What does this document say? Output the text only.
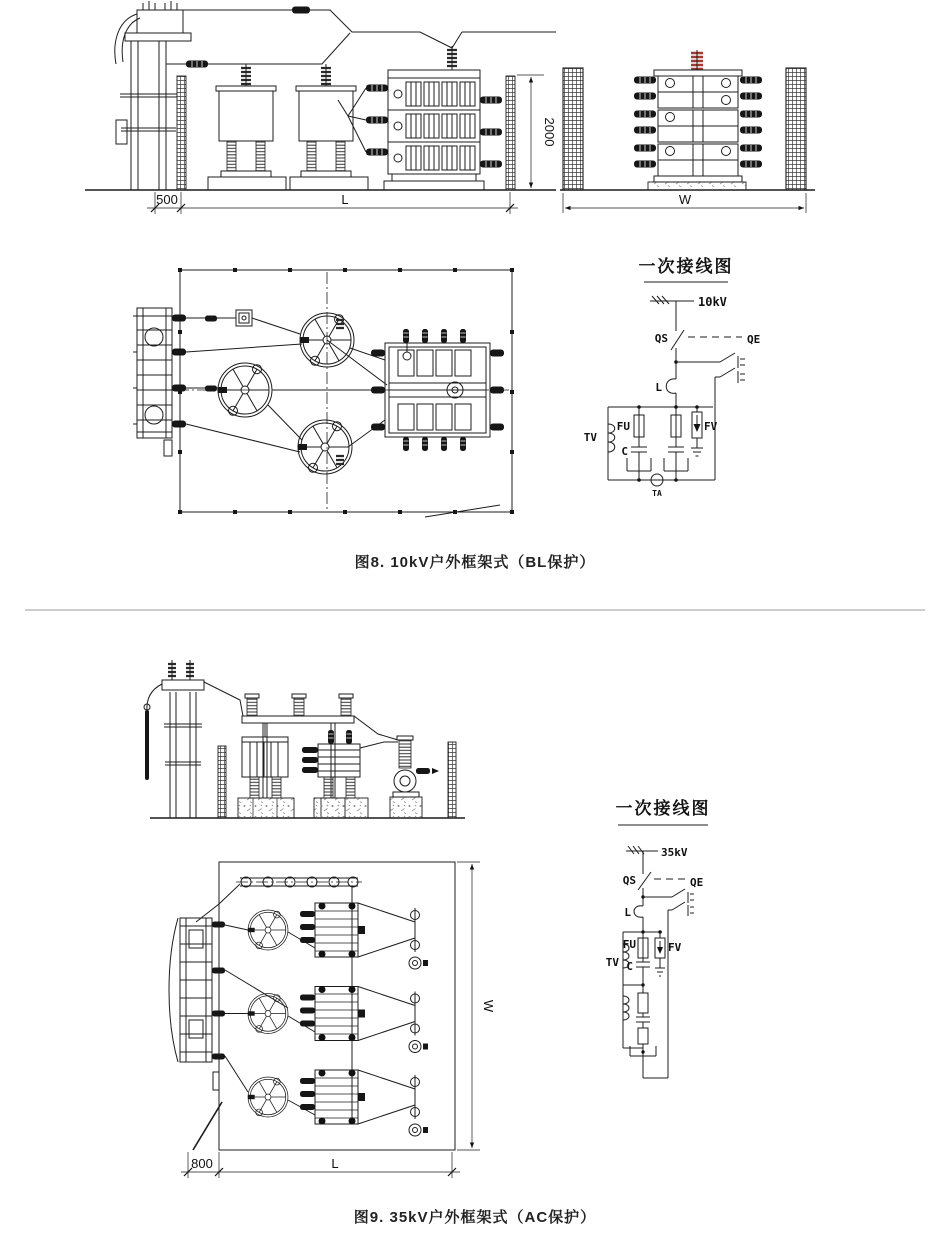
500	L
2000
W
一次接线图
10kV
QS	QE
L
TV
FU
C
FV
TA
图8. 10kV户外框架式（BL保护）
800	L
W
一次接线图
35kV
QS	QE
L
TV
FU
C
FV
图9. 35kV户外框架式（AC保护）
